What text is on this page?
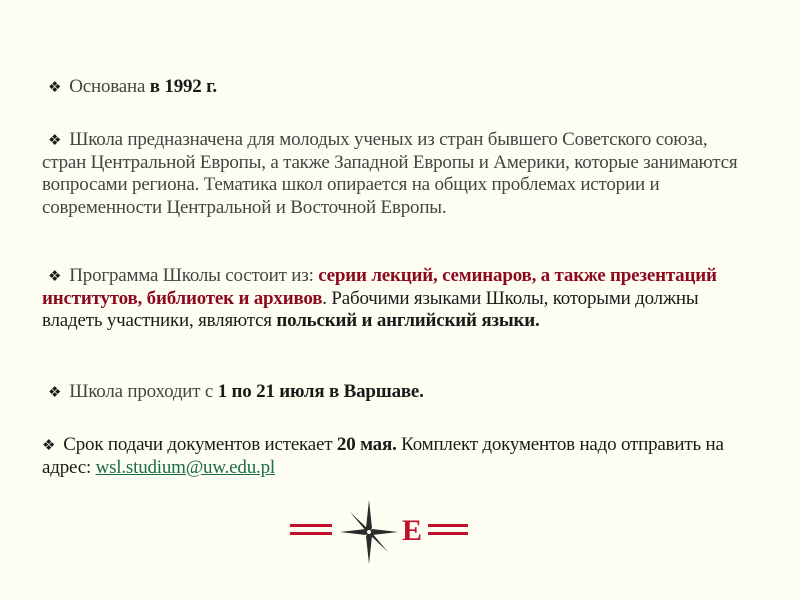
❖ Основана в 1992 г.

❖ Школа предназначена для молодых ученых из стран бывшего Советского союза, стран Центральной Европы, а также Западной Европы и Америки, которые занимаются вопросами региона. Тематика школ опирается на общих проблемах истории и современности Центральной и Восточной Европы.

❖ Программа Школы состоит из: серии лекций, семинаров, а также презентаций институтов, библиотек и архивов. Рабочими языками Школы, которыми должны владеть участники, являются польский и английский языки.

❖ Школа проходит с 1 по 21 июля в Варшаве.

❖ Срок подачи документов истекает 20 мая. Комплект документов надо отправить на адрес: wsl.studium@uw.edu.pl

E
